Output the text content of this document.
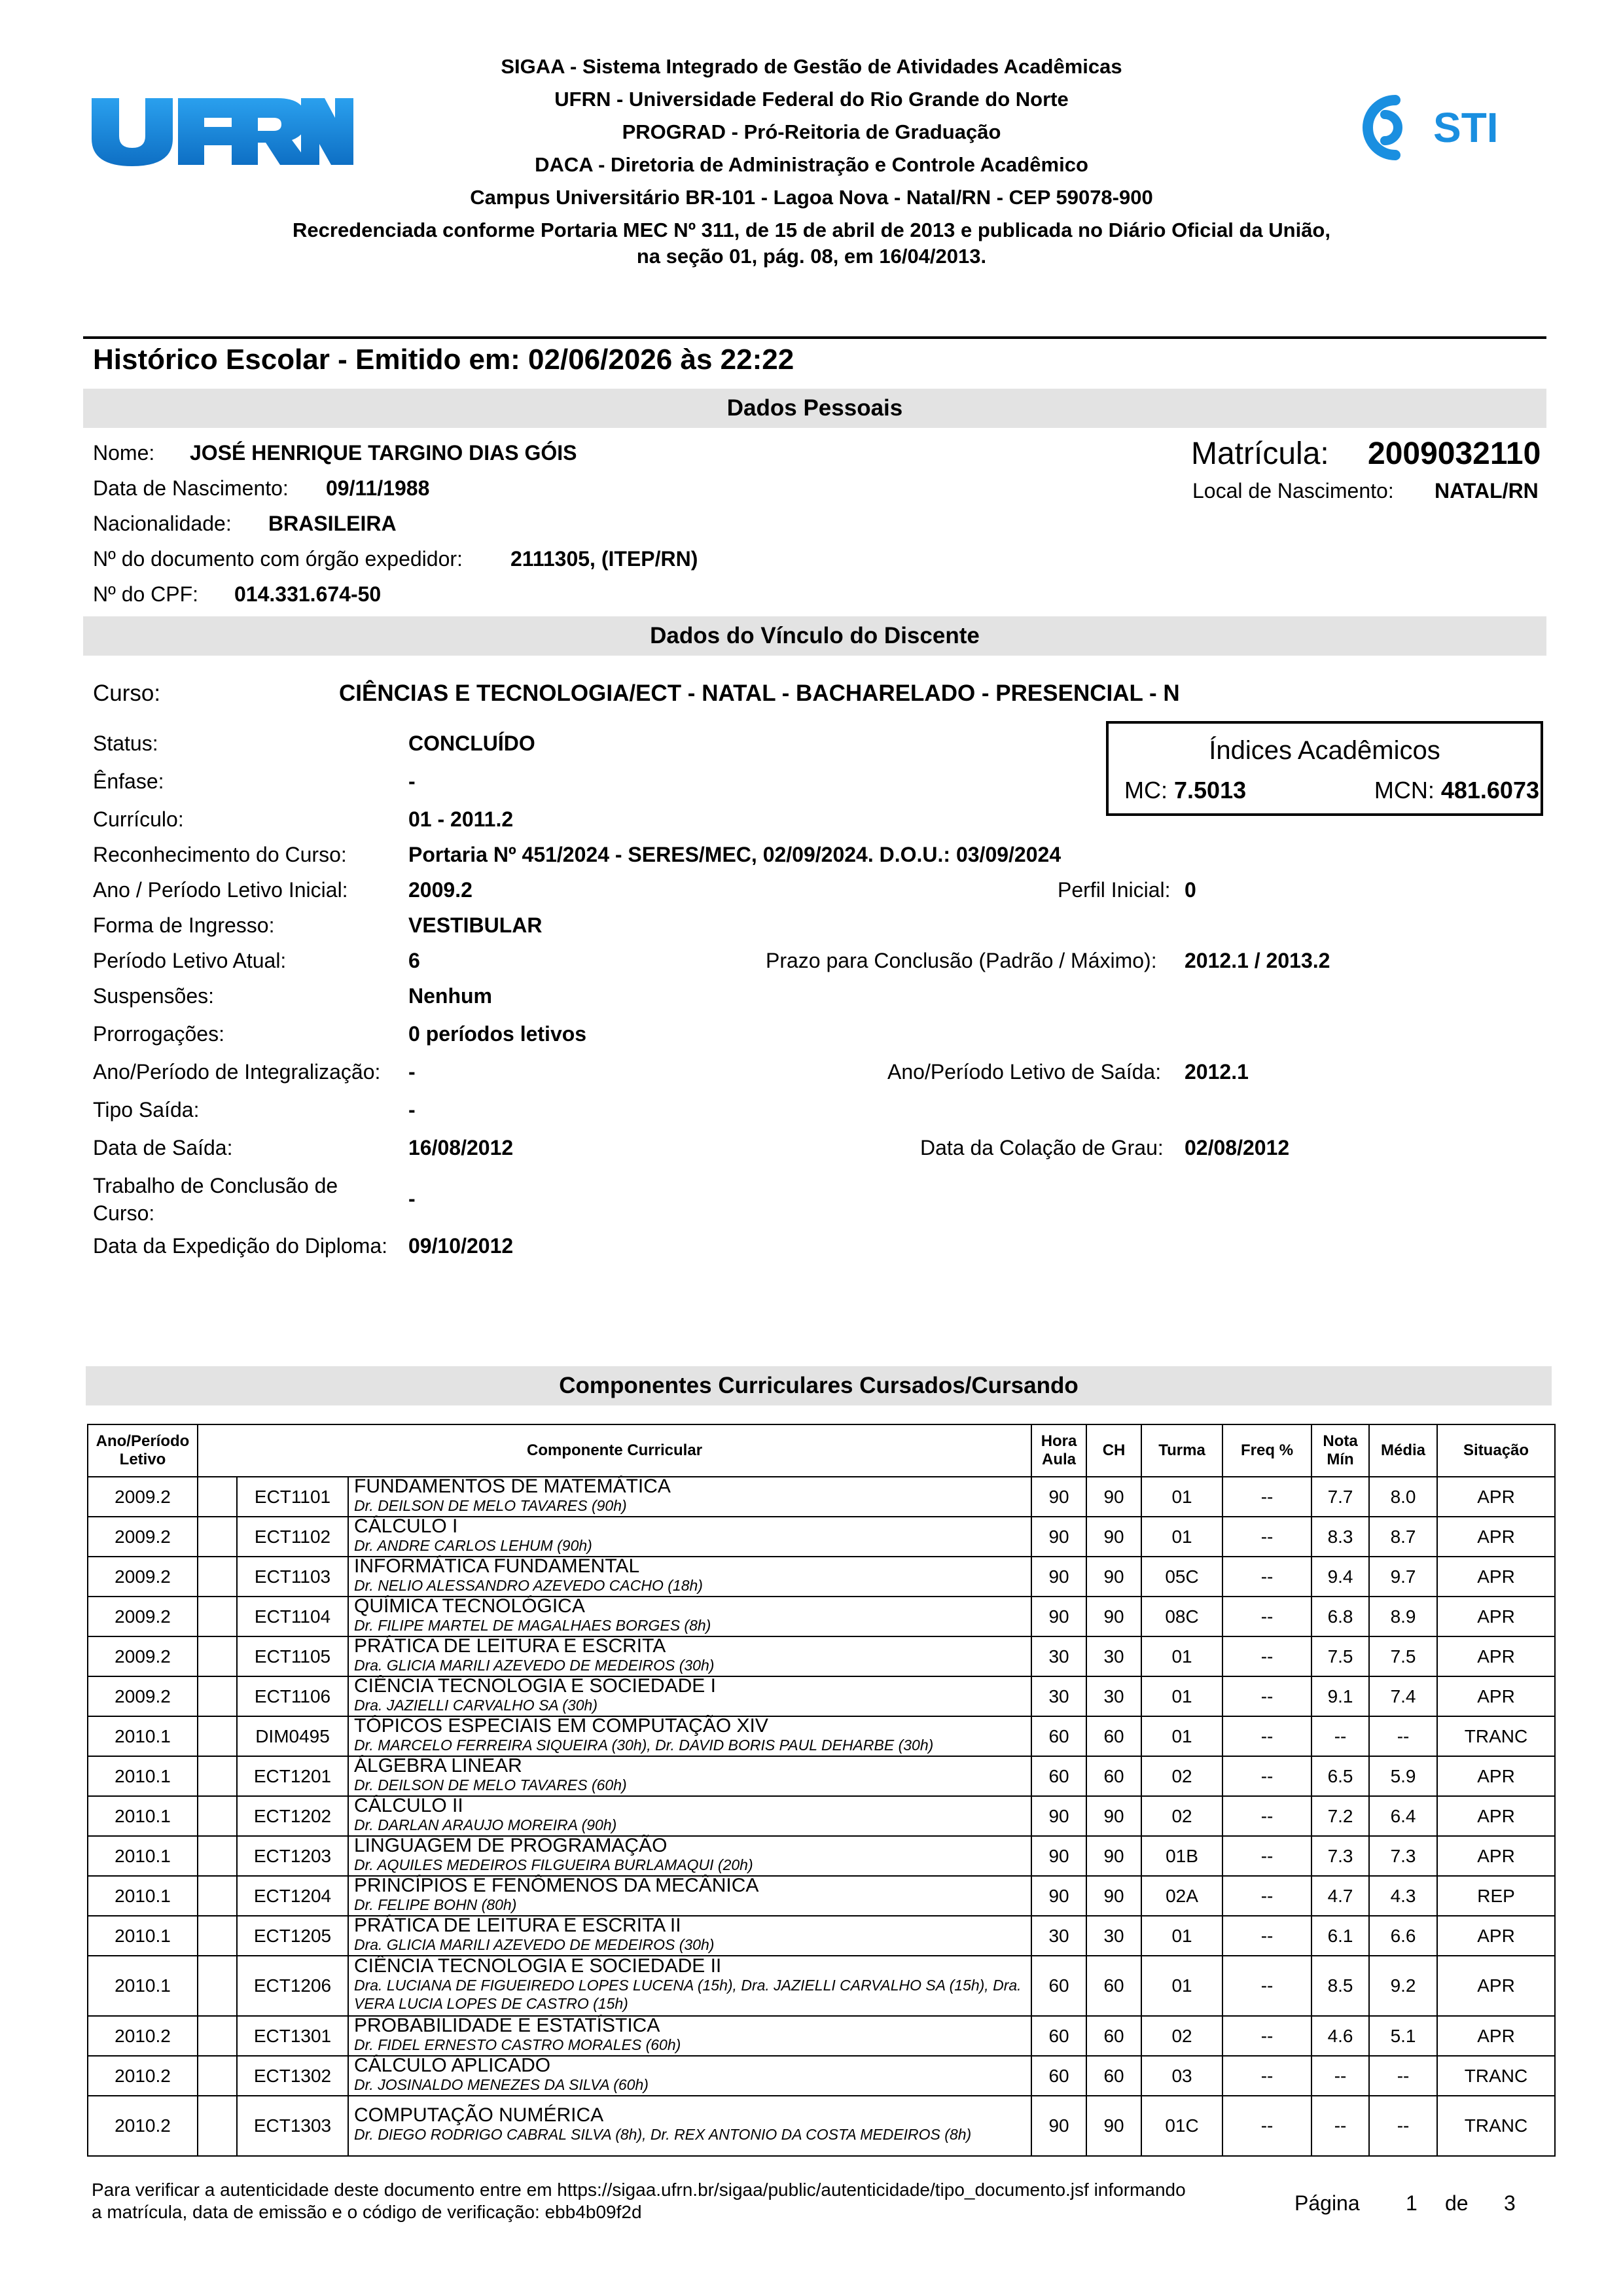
STI
SIGAA - Sistema Integrado de Gestão de Atividades Acadêmicas
UFRN - Universidade Federal do Rio Grande do Norte
PROGRAD - Pró-Reitoria de Graduação
DACA - Diretoria de Administração e Controle Acadêmico
Campus Universitário BR-101 - Lagoa Nova - Natal/RN - CEP 59078-900
Recredenciada conforme Portaria MEC Nº 311, de 15 de abril de 2013 e publicada no Diário Oficial da União,
na seção 01, pág. 08, em 16/04/2013.
Histórico Escolar - Emitido em: 02/06/2026 às 22:22
Dados Pessoais
Nome: JOSÉ HENRIQUE TARGINO DIAS GÓIS	Matrícula: 2009032110
Data de Nascimento: 09/11/1988	Local de Nascimento: NATAL/RN
Nacionalidade: BRASILEIRA
Nº do documento com órgão expedidor: 2111305, (ITEP/RN)
Nº do CPF: 014.331.674-50
Dados do Vínculo do Discente
Curso:	CIÊNCIAS E TECNOLOGIA/ECT - NATAL - BACHARELADO - PRESENCIAL - N
Status:	CONCLUÍDO	Índices Acadêmicos
MC: 7.5013	MCN: 481.6073
Ênfase:	-
Currículo:	01 - 2011.2
Reconhecimento do Curso:	Portaria Nº 451/2024 - SERES/MEC, 02/09/2024. D.O.U.: 03/09/2024
Ano / Período Letivo Inicial:	2009.2	Perfil Inicial: 0
Forma de Ingresso:	VESTIBULAR
Período Letivo Atual:	6	Prazo para Conclusão (Padrão / Máximo): 2012.1 / 2013.2
Suspensões:	Nenhum
Prorrogações:	0 períodos letivos
Ano/Período de Integralização: -	Ano/Período Letivo de Saída: 2012.1
Tipo Saída:	-
Data de Saída:	16/08/2012	Data da Colação de Grau: 02/08/2012
Trabalho de Conclusão de
Curso:
-
Data da Expedição do Diploma: 09/10/2012
Componentes Curriculares Cursados/Cursando
Ano/Período
Letivo	Componente Curricular			Hora
Aula	CH	Turma	Freq %	Nota
Mín	Média	Situação
2009.2		ECT1101	FUNDAMENTOS DE MATEMÁTICA
Dr. DEILSON DE MELO TAVARES (90h)	90	90	01	--	7.7	8.0	APR
2009.2		ECT1102	CÁLCULO I
Dr. ANDRE CARLOS LEHUM (90h)	90	90	01	--	8.3	8.7	APR
2009.2		ECT1103	INFORMÁTICA FUNDAMENTAL
Dr. NELIO ALESSANDRO AZEVEDO CACHO (18h)	90	90	05C	--	9.4	9.7	APR
2009.2		ECT1104	QUÍMICA TECNOLÓGICA
Dr. FILIPE MARTEL DE MAGALHAES BORGES (8h)	90	90	08C	--	6.8	8.9	APR
2009.2		ECT1105	PRÁTICA DE LEITURA E ESCRITA
Dra. GLICIA MARILI AZEVEDO DE MEDEIROS (30h)	30	30	01	--	7.5	7.5	APR
2009.2		ECT1106	CIÊNCIA TECNOLOGIA E SOCIEDADE I
Dra. JAZIELLI CARVALHO SA (30h)	30	30	01	--	9.1	7.4	APR
2010.1		DIM0495	TÓPICOS ESPECIAIS EM COMPUTAÇÃO XIV
Dr. MARCELO FERREIRA SIQUEIRA (30h), Dr. DAVID BORIS PAUL DEHARBE (30h)	60	60	01	--	--	--	TRANC
2010.1		ECT1201	ÁLGEBRA LINEAR
Dr. DEILSON DE MELO TAVARES (60h)	60	60	02	--	6.5	5.9	APR
2010.1		ECT1202	CÁLCULO II
Dr. DARLAN ARAUJO MOREIRA (90h)	90	90	02	--	7.2	6.4	APR
2010.1		ECT1203	LINGUAGEM DE PROGRAMAÇÃO
Dr. AQUILES MEDEIROS FILGUEIRA BURLAMAQUI (20h)	90	90	01B	--	7.3	7.3	APR
2010.1		ECT1204	PRINCÍPIOS E FENÔMENOS DA MECÂNICA
Dr. FELIPE BOHN (80h)	90	90	02A	--	4.7	4.3	REP
2010.1		ECT1205	PRÁTICA DE LEITURA E ESCRITA II
Dra. GLICIA MARILI AZEVEDO DE MEDEIROS (30h)	30	30	01	--	6.1	6.6	APR
2010.1		ECT1206	CIÊNCIA TECNOLOGIA E SOCIEDADE II
Dra. LUCIANA DE FIGUEIREDO LOPES LUCENA (15h), Dra. JAZIELLI CARVALHO SA (15h), Dra. VERA LUCIA LOPES DE CASTRO (15h)	60	60	01	--	8.5	9.2	APR
2010.2		ECT1301	PROBABILIDADE E ESTATÍSTICA
Dr. FIDEL ERNESTO CASTRO MORALES (60h)	60	60	02	--	4.6	5.1	APR
2010.2		ECT1302	CÁLCULO APLICADO
Dr. JOSINALDO MENEZES DA SILVA (60h)	60	60	03	--	--	--	TRANC
2010.2		ECT1303	COMPUTAÇÃO NUMÉRICA
Dr. DIEGO RODRIGO CABRAL SILVA (8h), Dr. REX ANTONIO DA COSTA MEDEIROS (8h)	90	90	01C	--	--	--	TRANC
Para verificar a autenticidade deste documento entre em https://sigaa.ufrn.br/sigaa/public/autenticidade/tipo_documento.jsf informando
a matrícula, data de emissão e o código de verificação: ebb4b09f2d	Página 1 de 3
